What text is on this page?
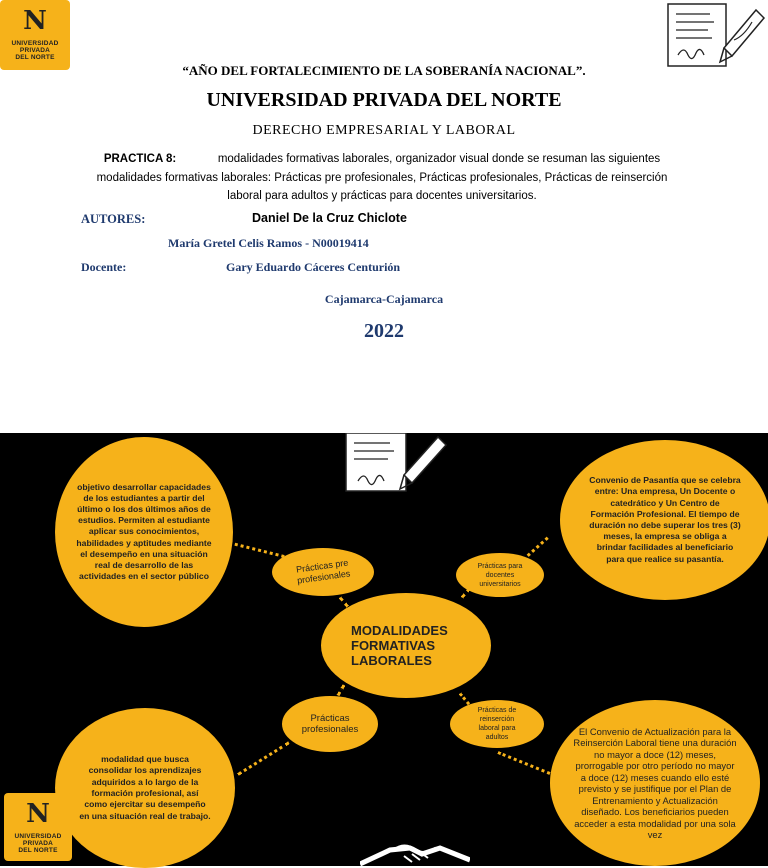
N
UNIVERSIDAD
PRIVADA
DEL NORTE
“AÑO DEL FORTALECIMIENTO DE LA SOBERANÍA NACIONAL”.
UNIVERSIDAD PRIVADA DEL NORTE
DERECHO EMPRESARIAL Y LABORAL
PRACTICA 8:	modalidades formativas laborales, organizador visual donde se resuman las siguientes modalidades formativas laborales: Prácticas pre profesionales, Prácticas profesionales, Prácticas de reinserción laboral para adultos y prácticas para docentes universitarios.
AUTORES:	Daniel De la Cruz Chiclote
María Gretel Celis Ramos - N00019414
Docente:	Gary Eduardo Cáceres Centurión
Cajamarca-Cajamarca
2022
objetivo desarrollar capacidades de los estudiantes a partir del último o los dos últimos años de estudios. Permiten al estudiante aplicar sus conocimientos, habilidades y aptitudes mediante el desempeño en una situación real de desarrollo de las actividades en el sector público
Convenio de Pasantía que se celebra entre: Una empresa, Un Docente o catedrático y Un Centro de Formación Profesional. El tiempo de duración no debe superar los tres (3) meses, la empresa se obliga a brindar facilidades al beneficiario para que realice su pasantía.
modalidad que busca consolidar los aprendizajes adquiridos a lo largo de la formación profesional, así como ejercitar su desempeño en una situación real de trabajo.
El Convenio de Actualización para la Reinserción Laboral tiene una duración no mayor a doce (12) meses, prorrogable por otro período no mayor a doce (12) meses cuando ello esté previsto y se justifique por el Plan de Entrenamiento y Actualización diseñado. Los beneficiarios pueden acceder a esta modalidad por una sola vez
Prácticas pre profesionales
Prácticas para docentes universitarios
MODALIDADES FORMATIVAS LABORALES
Prácticas profesionales
Prácticas de reinserción laboral para adultos
N
UNIVERSIDAD
PRIVADA
DEL NORTE
